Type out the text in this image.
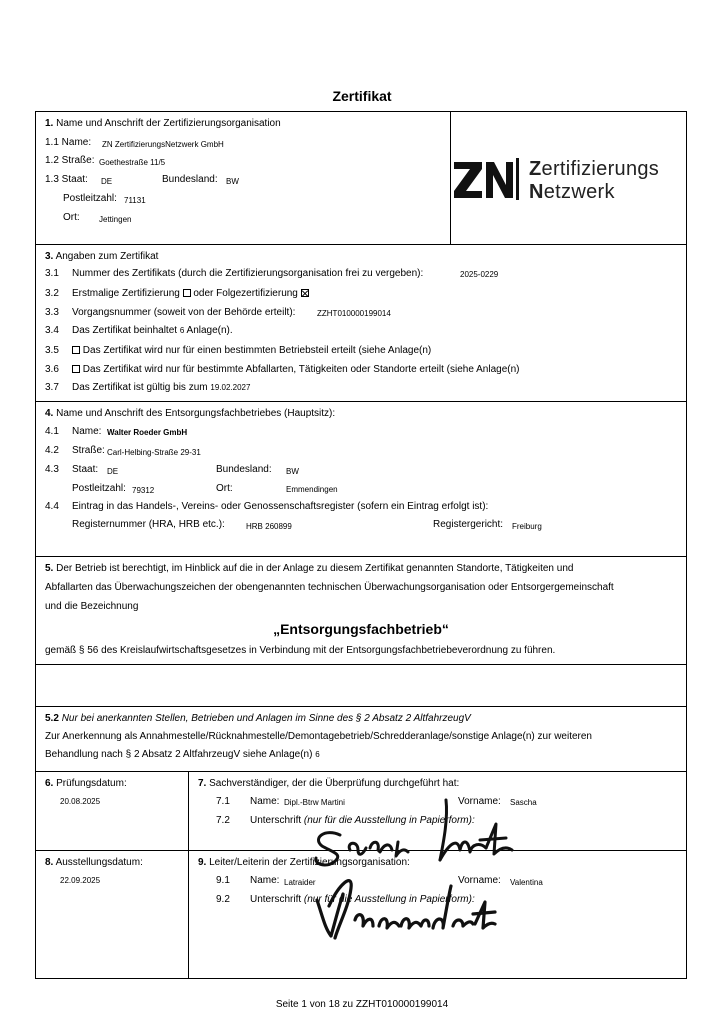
Zertifikat
1. Name und Anschrift der Zertifizierungsorganisation
1.1 Name: ZN ZertifizierungsNetzwerk GmbH
1.2 Straße: Goethestraße 11/5
1.3 Staat: DE	Bundesland: BW
Postleitzahl: 71131
Ort: Jettingen
Zertifizierungs
Netzwerk
3. Angaben zum Zertifikat
3.1 Nummer des Zertifikats (durch die Zertifizierungsorganisation frei zu vergeben):	2025-0229
3.2 Erstmalige Zertifizierung oder Folgezertifizierung
3.3 Vorgangsnummer (soweit von der Behörde erteilt):	ZZHT010000199014
3.4 Das Zertifikat beinhaltet 6 Anlage(n).
3.5	Das Zertifikat wird nur für einen bestimmten Betriebsteil erteilt (siehe Anlage(n)
3.6	Das Zertifikat wird nur für bestimmte Abfallarten, Tätigkeiten oder Standorte erteilt (siehe Anlage(n)
3.7 Das Zertifikat ist gültig bis zum 19.02.2027
4. Name und Anschrift des Entsorgungsfachbetriebes (Hauptsitz):
4.1 Name: Walter Roeder GmbH
4.2 Straße: Carl-Helbing-Straße 29-31
4.3 Staat: DE	Bundesland: BW
Postleitzahl: 79312	Ort:	Emmendingen
4.4 Eintrag in das Handels-, Vereins- oder Genossenschaftsregister (sofern ein Eintrag erfolgt ist):
Registernummer (HRA, HRB etc.):	HRB 260899	Registergericht: Freiburg
5. Der Betrieb ist berechtigt, im Hinblick auf die in der Anlage zu diesem Zertifikat genannten Standorte, Tätigkeiten und
Abfallarten das Überwachungszeichen der obengenannten technischen Überwachungsorganisation oder Entsorgergemeinschaft
und die Bezeichnung
„Entsorgungsfachbetrieb“
gemäß § 56 des Kreislaufwirtschaftsgesetzes in Verbindung mit der Entsorgungsfachbetriebeverordnung zu führen.
5.2 Nur bei anerkannten Stellen, Betrieben und Anlagen im Sinne des § 2 Absatz 2 AltfahrzeugV
Zur Anerkennung als Annahmestelle/Rücknahmestelle/Demontagebetrieb/Schredderanlage/sonstige Anlage(n) zur weiteren
Behandlung nach § 2 Absatz 2 AltfahrzeugV siehe Anlage(n) 6
6. Prüfungsdatum:
20.08.2025
7. Sachverständiger, der die Überprüfung durchgeführt hat:
7.1 Name: Dipl.-Btrw Martini	Vorname: Sascha
7.2 Unterschrift (nur für die Ausstellung in Papierform):
8. Ausstellungsdatum:
22.09.2025
9. Leiter/Leiterin der Zertifizierungsorganisation:
9.1 Name: Latraider	Vorname: Valentina
9.2 Unterschrift (nur für die Ausstellung in Papierform):
Seite 1 von 18 zu ZZHT010000199014
